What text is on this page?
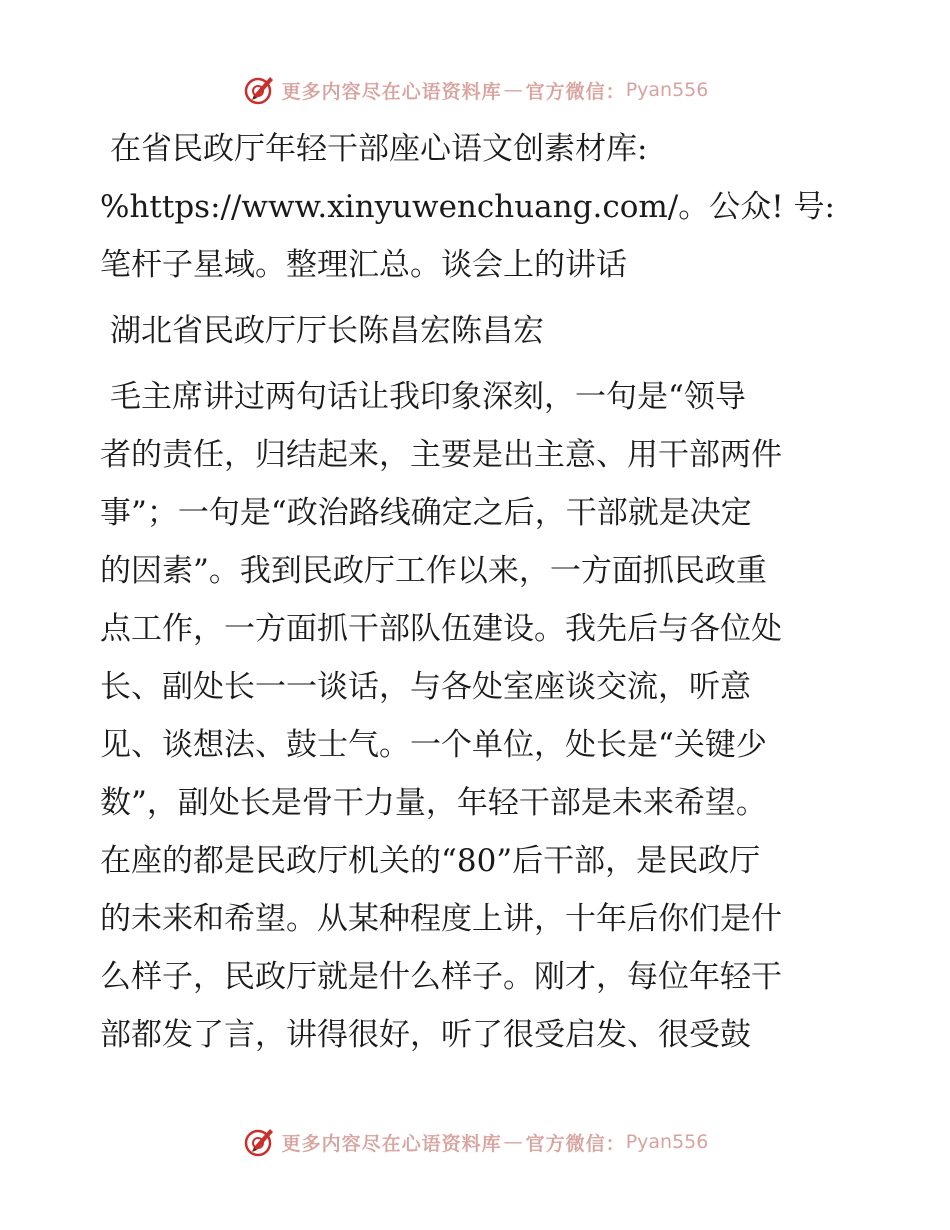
更多内容尽在心语资料库 — 官方微信： Pyan556
在省民政厅年轻干部座心语文创素材库:
%https://www.xinyuwenchuang.com/。公众! 号:
笔杆子星域。整理汇总。谈会上的讲话
湖北省民政厅厅长陈昌宏陈昌宏
毛主席讲过两句话让我印象深刻，一句是“领导
者的责任，归结起来，主要是出主意、用干部两件
事”；一句是“政治路线确定之后，干部就是决定
的因素”。我到民政厅工作以来，一方面抓民政重
点工作，一方面抓干部队伍建设。我先后与各位处
长、副处长一一谈话，与各处室座谈交流，听意
见、谈想法、鼓士气。一个单位，处长是“关键少
数”，副处长是骨干力量，年轻干部是未来希望。
在座的都是民政厅机关的“80”后干部，是民政厅
的未来和希望。从某种程度上讲，十年后你们是什
么样子，民政厅就是什么样子。刚才，每位年轻干
部都发了言，讲得很好，听了很受启发、很受鼓
更多内容尽在心语资料库 — 官方微信： Pyan556
